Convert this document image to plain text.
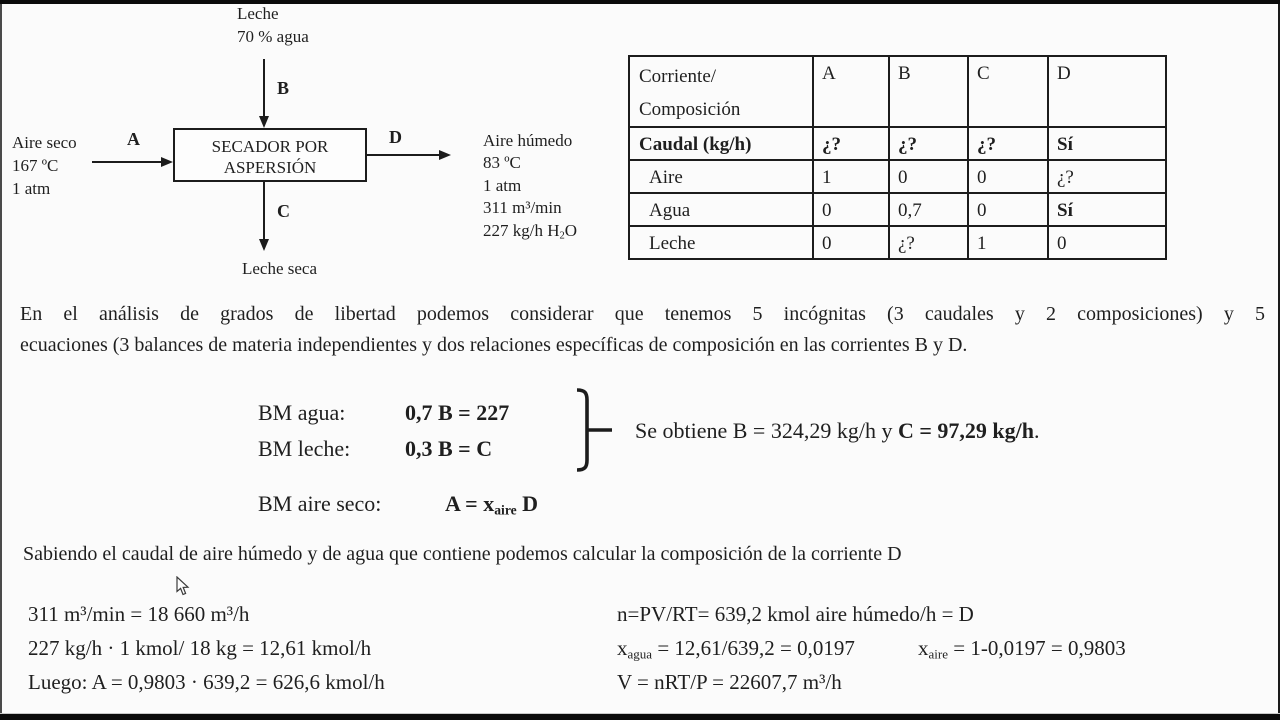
Leche
70 % agua
B
Aire seco
167 ºC
1 atm
A	SECADOR POR
ASPERSIÓN
D	Aire húmedo
83 ºC
1 atm
311 m³/min
227 kg/h $H_2O$
C
Leche seca
Corriente/
Composición	A	B	C	D
Caudal (kg/h)	¿?	¿?	¿?	Sí
Aire	1	0	0	¿?
Agua	0	0,7	0	Sí
Leche	0	¿?	1	0
En el análisis de grados de libertad podemos considerar que tenemos 5 incógnitas (3 caudales y 2 composiciones) y 5
ecuaciones (3 balances de materia independientes y dos relaciones específicas de composición en las corrientes B y D.
BM agua:	0,7 B = 227
BM leche: 0,3 B = C
Se obtiene B = 324,29 kg/h y C = 97,29 kg/h.
BM aire seco:	$A = x_{aire}$ D
Sabiendo el caudal de aire húmedo y de agua que contiene podemos calcular la composición de la corriente D
311 m³/min = 18 660 m³/h
227 kg/h · 1 kmol/ 18 kg = 12,61 kmol/h
Luego: A = 0,9803 · 639,2 = 626,6 kmol/h
n=PV/RT= 639,2 kmol aire húmedo/h = D
$x_{agua} = 12,61/639,2 = 0,0197$	$x_{aire} = 1-0,0197 = 0,9803$
V = nRT/P = 22607,7 m³/h
